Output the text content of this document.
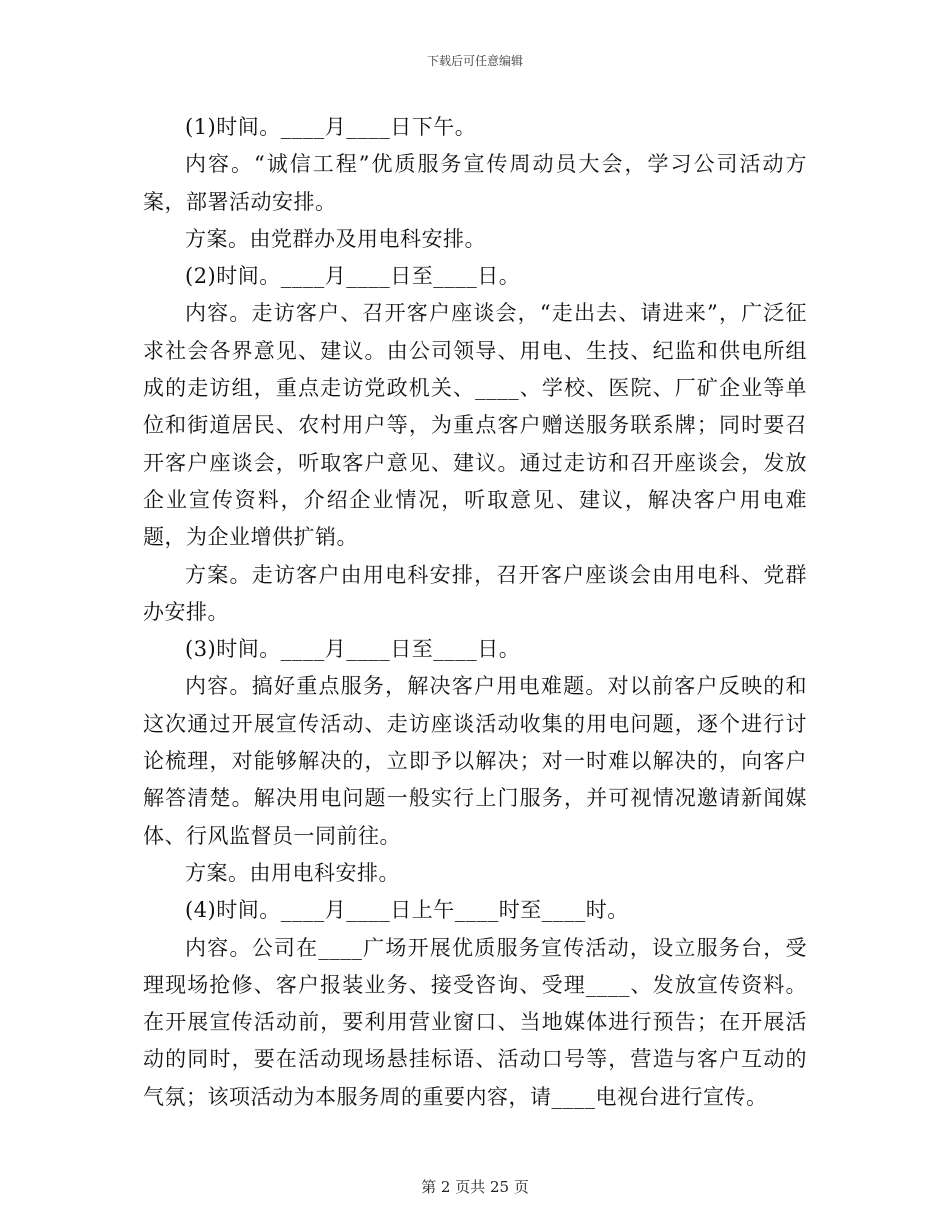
下载后可任意编辑

(1)时间。____月____日下午。

内容。“诚信工程”优质服务宣传周动员大会，学习公司活动方案，部署活动安排。

方案。由党群办及用电科安排。

(2)时间。____月____日至____日。

内容。走访客户、召开客户座谈会，“走出去、请进来”，广泛征求社会各界意见、建议。由公司领导、用电、生技、纪监和供电所组成的走访组，重点走访党政机关、____、学校、医院、厂矿企业等单位和街道居民、农村用户等，为重点客户赠送服务联系牌；同时要召开客户座谈会，听取客户意见、建议。通过走访和召开座谈会，发放企业宣传资料，介绍企业情况，听取意见、建议，解决客户用电难题，为企业增供扩销。

方案。走访客户由用电科安排，召开客户座谈会由用电科、党群办安排。

(3)时间。____月____日至____日。

内容。搞好重点服务，解决客户用电难题。对以前客户反映的和这次通过开展宣传活动、走访座谈活动收集的用电问题，逐个进行讨论梳理，对能够解决的，立即予以解决；对一时难以解决的，向客户解答清楚。解决用电问题一般实行上门服务，并可视情况邀请新闻媒体、行风监督员一同前往。

方案。由用电科安排。

(4)时间。____月____日上午____时至____时。

内容。公司在____广场开展优质服务宣传活动，设立服务台，受理现场抢修、客户报装业务、接受咨询、受理____、发放宣传资料。在开展宣传活动前，要利用营业窗口、当地媒体进行预告；在开展活动的同时，要在活动现场悬挂标语、活动口号等，营造与客户互动的气氛；该项活动为本服务周的重要内容，请____电视台进行宣传。

第 2 页共 25 页
